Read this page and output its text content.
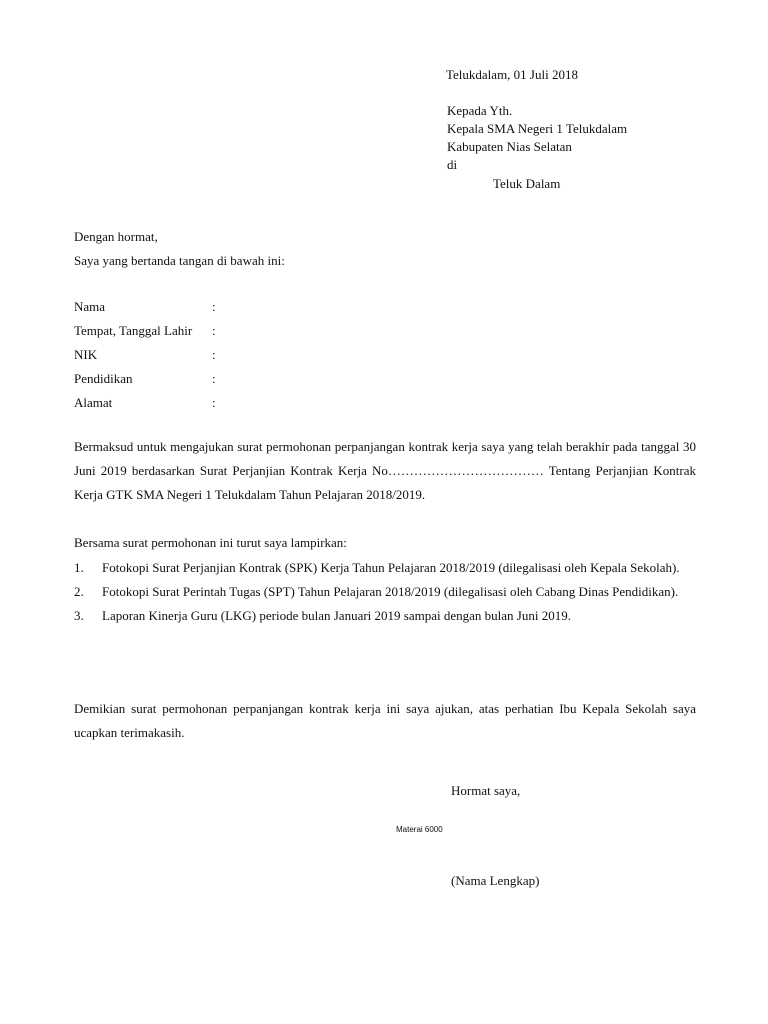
Telukdalam, 01 Juli 2018
Kepada Yth.
Kepala SMA Negeri 1 Telukdalam
Kabupaten Nias Selatan
di
Teluk Dalam
Dengan hormat,
Saya yang bertanda tangan di bawah ini:
Nama	:
Tempat, Tanggal Lahir :
NIK	:
Pendidikan	:
Alamat	:

Bermaksud untuk mengajukan surat permohonan perpanjangan kontrak kerja saya yang telah berakhir pada tanggal 30 Juni 2019 berdasarkan Surat Perjanjian Kontrak Kerja No……………………………… Tentang Perjanjian Kontrak Kerja GTK SMA Negeri 1 Telukdalam Tahun Pelajaran 2018/2019.

Bersama surat permohonan ini turut saya lampirkan:
1. Fotokopi Surat Perjanjian Kontrak (SPK) Kerja Tahun Pelajaran 2018/2019 (dilegalisasi oleh Kepala Sekolah).
2. Fotokopi Surat Perintah Tugas (SPT) Tahun Pelajaran 2018/2019 (dilegalisasi oleh Cabang Dinas Pendidikan).
3. Laporan Kinerja Guru (LKG) periode bulan Januari 2019 sampai dengan bulan Juni 2019.

Demikian surat permohonan perpanjangan kontrak kerja ini saya ajukan, atas perhatian Ibu Kepala Sekolah saya ucapkan terimakasih.

Hormat saya,
Materai 6000
(Nama Lengkap)
